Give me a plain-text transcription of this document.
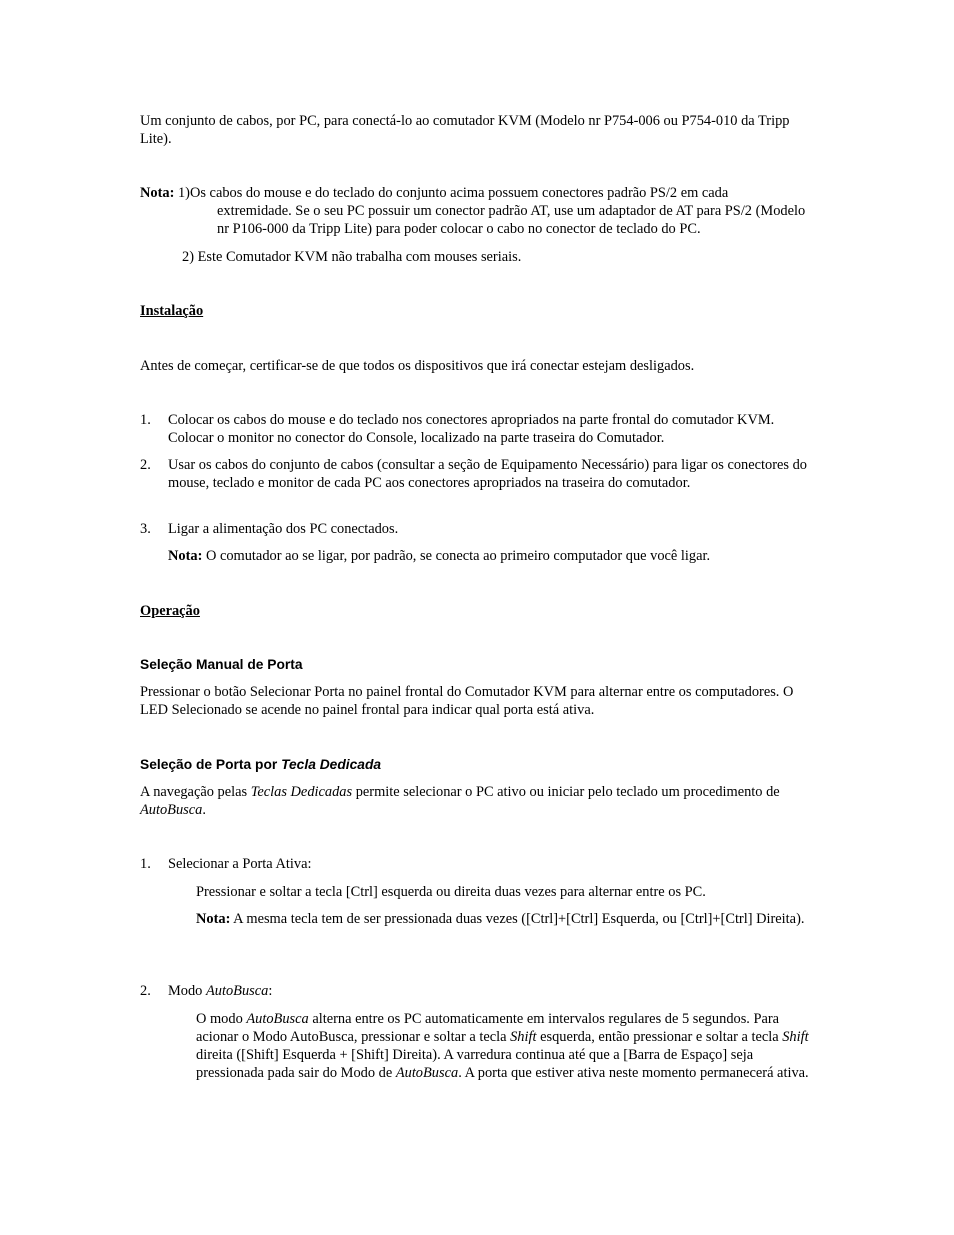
Um conjunto de cabos, por PC, para conectá-lo ao comutador KVM (Modelo nr P754-006 ou P754-010 da Tripp Lite).

Nota: 1)Os cabos do mouse e do teclado do conjunto acima possuem conectores padrão PS/2 em cada

extremidade. Se o seu PC possuir um conector padrão AT, use um adaptador de AT para PS/2 (Modelo nr P106-000 da Tripp Lite) para poder colocar o cabo no conector de teclado do PC.

2) Este Comutador KVM não trabalha com mouses seriais.

Instalação

Antes de começar, certificar-se de que todos os dispositivos que irá conectar estejam desligados.

1.	Colocar os cabos do mouse e do teclado nos conectores apropriados na parte frontal do comutador KVM. Colocar o monitor no conector do Console, localizado na parte traseira do Comutador.

2.	Usar os cabos do conjunto de cabos (consultar a seção de Equipamento Necessário) para ligar os conectores do mouse, teclado e monitor de cada PC aos conectores apropriados na traseira do comutador.

3.	Ligar a alimentação dos PC conectados.

Nota: O comutador ao se ligar, por padrão, se conecta ao primeiro computador que você ligar.

Operação

Seleção Manual de Porta

Pressionar o botão Selecionar Porta no painel frontal do Comutador KVM para alternar entre os computadores. O LED Selecionado se acende no painel frontal para indicar qual porta está ativa.

Seleção de Porta por Tecla Dedicada

A navegação pelas Teclas Dedicadas permite selecionar o PC ativo ou iniciar pelo teclado um procedimento de AutoBusca.

1.	Selecionar a Porta Ativa:

Pressionar e soltar a tecla [Ctrl] esquerda ou direita duas vezes para alternar entre os PC.

Nota: A mesma tecla tem de ser pressionada duas vezes ([Ctrl]+[Ctrl] Esquerda, ou [Ctrl]+[Ctrl] Direita).

2.	Modo AutoBusca:

O modo AutoBusca alterna entre os PC automaticamente em intervalos regulares de 5 segundos. Para acionar o Modo AutoBusca, pressionar e soltar a tecla Shift esquerda, então pressionar e soltar a tecla Shift direita ([Shift] Esquerda + [Shift] Direita). A varredura continua até que a [Barra de Espaço] seja pressionada pada sair do Modo de AutoBusca. A porta que estiver ativa neste momento permanecerá ativa.
